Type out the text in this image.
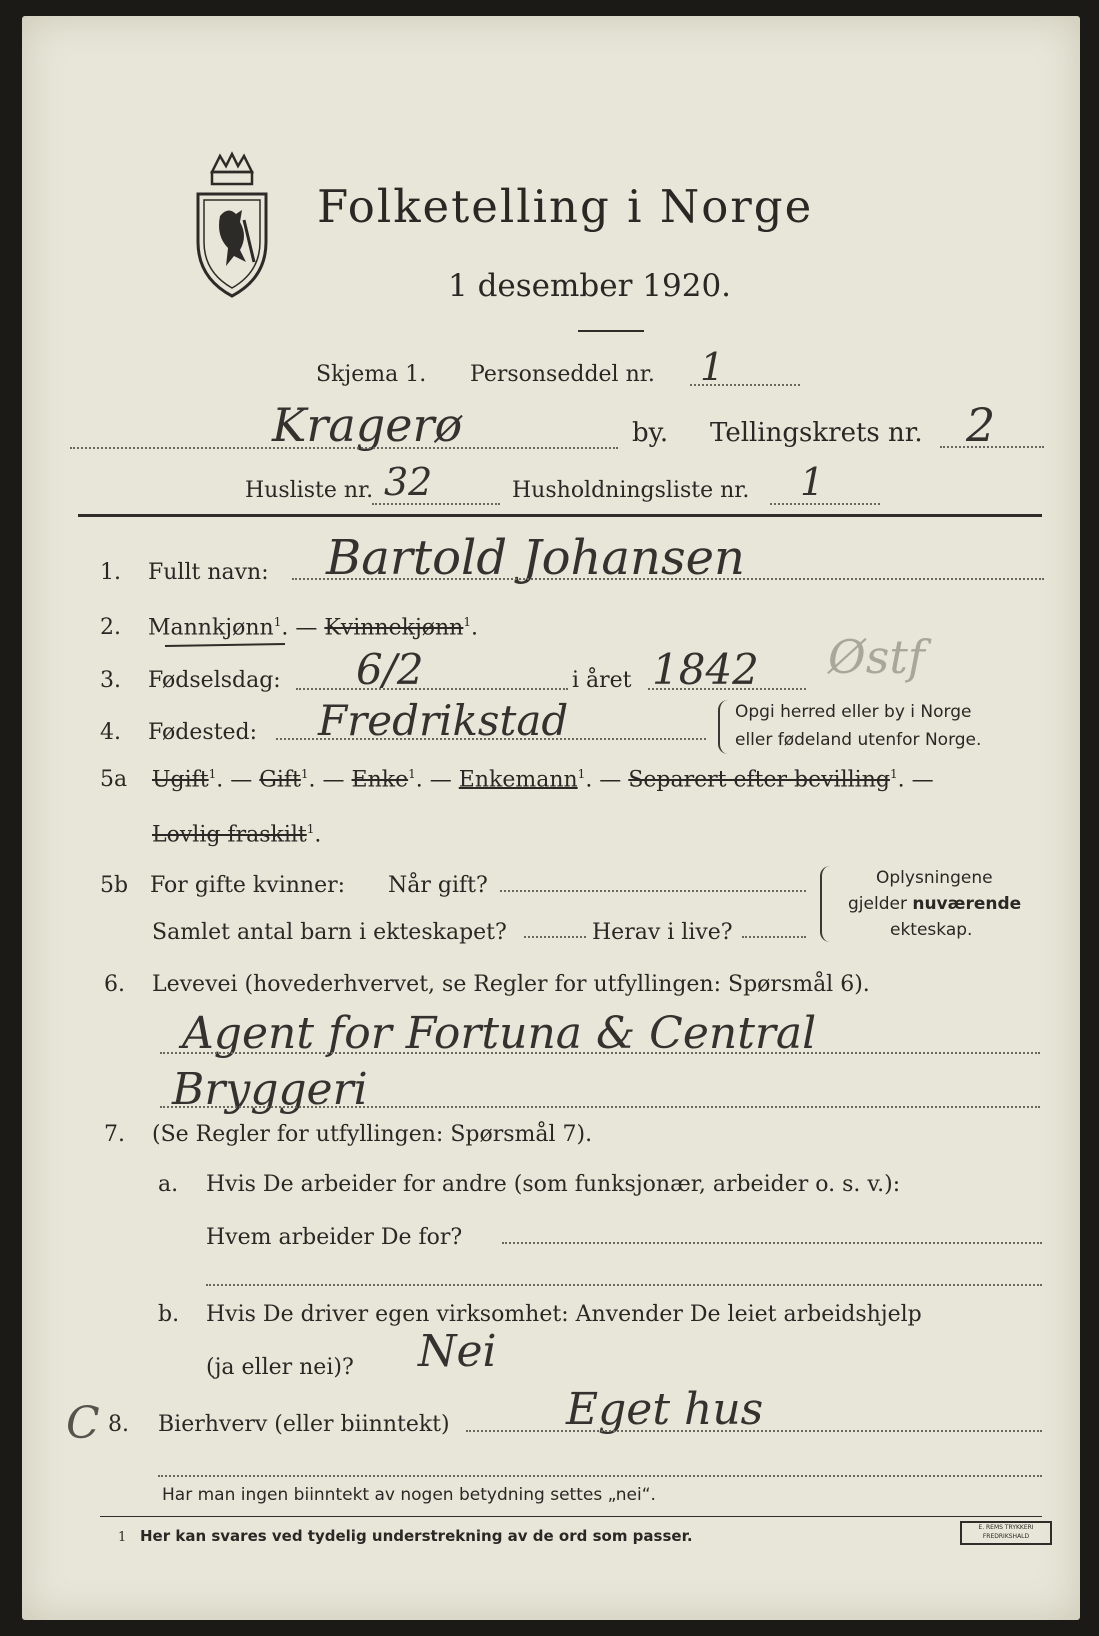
Folketelling i Norge
1 desember 1920.
Skjema 1. Personseddel nr. 1
Kragerø	by. Tellingskrets nr. 2
Husliste nr. 32	Husholdningsliste nr. 1
1. Fullt navn: Bartold Johansen
2. Mannkjønn$^1$. — Kvinnekjønn$^1$.
3. Fødselsdag: 6/2	i året 1842 Østf
4. Fødested: Fredrikstad	Opgi herred eller by i Norge
eller fødeland utenfor Norge.
5a Ugift$^1$. — Gift$^1$. — Enke$^1$. — Enkemann$^1$. — Separert efter bevilling$^1$. —
Lovlig fraskilt$^1$.
5b For gifte kvinner: Når gift?
Samlet antal barn i ekteskapet?	Herav i live?
Oplysningene
gjelder nuværende
ekteskap.
6. Levevei (hovederhvervet, se Regler for utfyllingen: Spørsmål 6).
Agent for Fortuna & Central
Bryggeri
7. (Se Regler for utfyllingen: Spørsmål 7).
a. Hvis De arbeider for andre (som funksjonær, arbeider o. s. v.):
Hvem arbeider De for?
b. Hvis De driver egen virksomhet: Anvender De leiet arbeidshjelp
(ja eller nei)? Nei
C 8. Bierhverv (eller biinntekt)	Eget hus
Har man ingen biinntekt av nogen betydning settes „nei“.
1 Her kan svares ved tydelig understrekning av de ord som passer.	E. REMS TRYKKERI
FREDRIKSHALD
